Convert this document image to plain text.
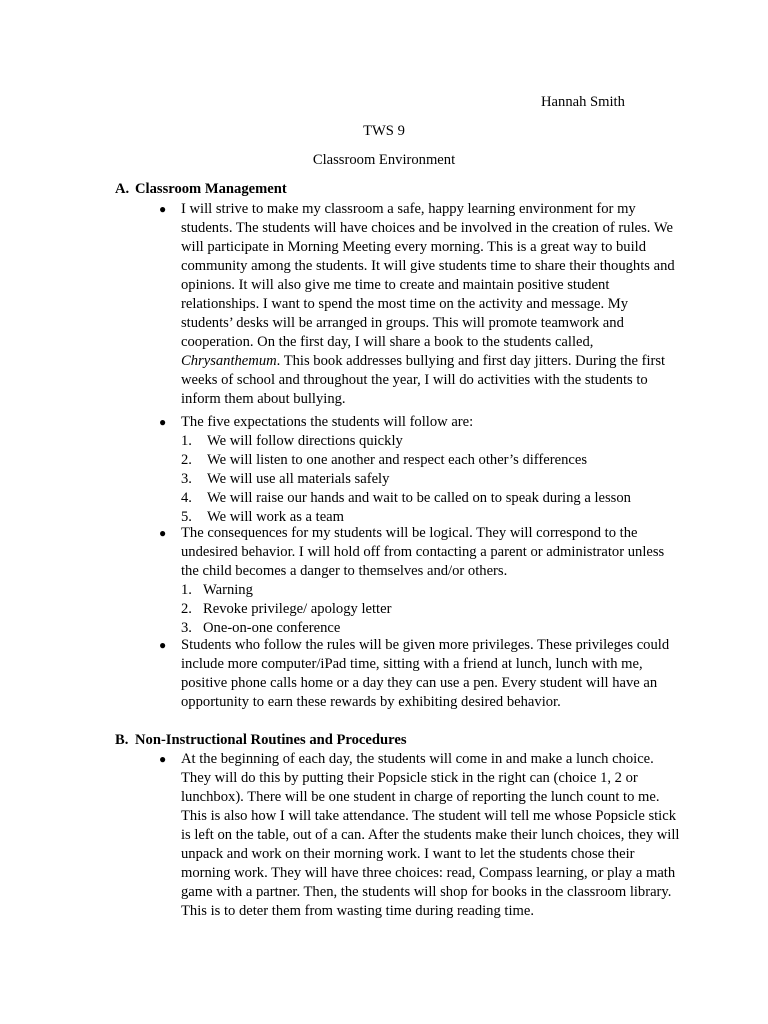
Hannah Smith
TWS 9
Classroom Environment
A. Classroom Management
● I will strive to make my classroom a safe, happy learning environment for my students. The students will have choices and be involved in the creation of rules. We will participate in Morning Meeting every morning. This is a great way to build community among the students. It will give students time to share their thoughts and opinions. It will also give me time to create and maintain positive student relationships. I want to spend the most time on the activity and message. My students’ desks will be arranged in groups. This will promote teamwork and cooperation. On the first day, I will share a book to the students called, Chrysanthemum. This book addresses bullying and first day jitters. During the first weeks of school and throughout the year, I will do activities with the students to inform them about bullying.

● The five expectations the students will follow are:

1. We will follow directions quickly
2. We will listen to one another and respect each other’s differences
3. We will use all materials safely
4. We will raise our hands and wait to be called on to speak during a lesson
5. We will work as a team
● The consequences for my students will be logical. They will correspond to the undesired behavior. I will hold off from contacting a parent or administrator unless the child becomes a danger to themselves and/or others.

1. Warning
2. Revoke privilege/ apology letter
3. One-on-one conference
● Students who follow the rules will be given more privileges. These privileges could include more computer/iPad time, sitting with a friend at lunch, lunch with me, positive phone calls home or a day they can use a pen. Every student will have an opportunity to earn these rewards by exhibiting desired behavior.

B. Non-Instructional Routines and Procedures
● At the beginning of each day, the students will come in and make a lunch choice. They will do this by putting their Popsicle stick in the right can (choice 1, 2 or lunchbox). There will be one student in charge of reporting the lunch count to me. This is also how I will take attendance. The student will tell me whose Popsicle stick is left on the table, out of a can. After the students make their lunch choices, they will unpack and work on their morning work. I want to let the students chose their morning work. They will have three choices: read, Compass learning, or play a math game with a partner. Then, the students will shop for books in the classroom library. This is to deter them from wasting time during reading time.
